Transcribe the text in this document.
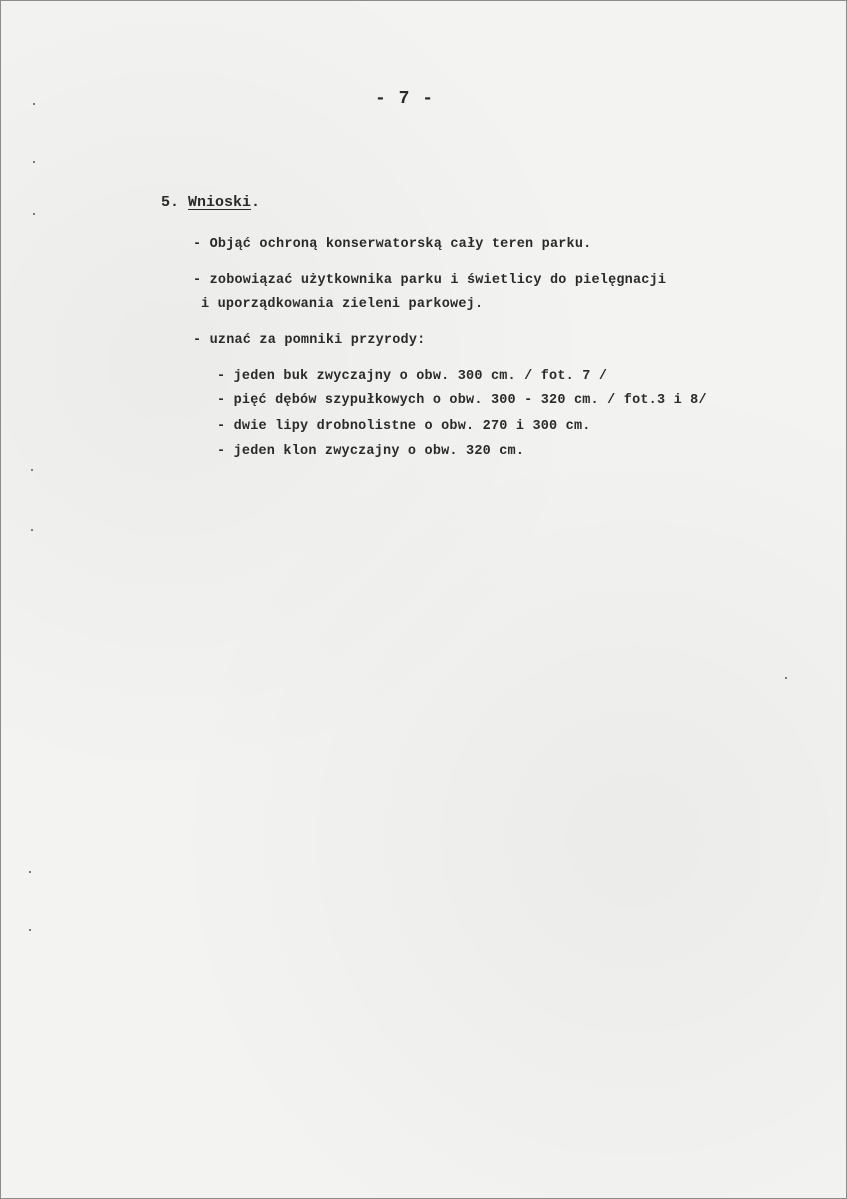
- 7 -
5. Wnioski.
- Objąć ochroną konserwatorską cały teren parku.
- zobowiązać użytkownika parku i świetlicy do pielęgnacji
i uporządkowania zieleni parkowej.
- uznać za pomniki przyrody:
- jeden buk zwyczajny o obw. 300 cm. / fot. 7 /
- pięć dębów szypułkowych o obw. 300 - 320 cm. / fot.3 i 8/
- dwie lipy drobnolistne o obw. 270 i 300 cm.
- jeden klon zwyczajny o obw. 320 cm.
